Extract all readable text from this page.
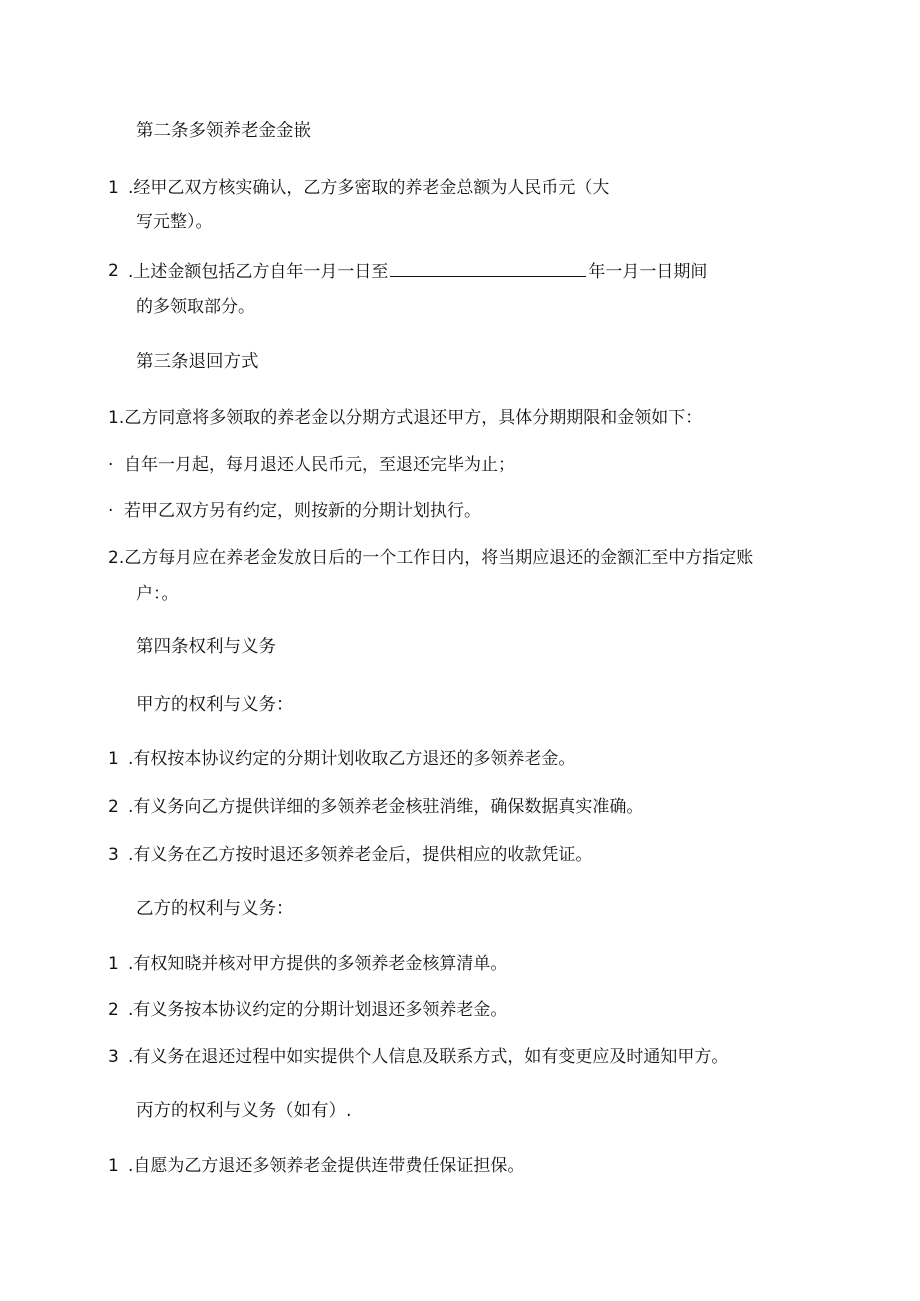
第二条多领养老金金嵌
1 .经甲乙双方核实确认，乙方多密取的养老金总额为人民币元（大
写元整）。
2 .上述金额包括乙方自年一月一日至	年一月一日期间
的多领取部分。
第三条退回方式
1.乙方同意将多领取的养老金以分期方式退还甲方，具体分期期限和金领如下：
· 自年一月起，每月退还人民币元，至退还完毕为止；
· 若甲乙双方另有约定，则按新的分期计划执行。
2.乙方每月应在养老金发放日后的一个工作日内，将当期应退还的金额汇至中方指定账
户：。
第四条权利与义务
甲方的权利与义务：
1 .有权按本协议约定的分期计划收取乙方退还的多领养老金。
2 .有义务向乙方提供详细的多领养老金核驻消维，确保数据真实准确。
3 .有义务在乙方按时退还多领养老金后，提供相应的收款凭证。
乙方的权利与义务：
1 .有权知晓并核对甲方提供的多领养老金核算清单。
2 .有义务按本协议约定的分期计划退还多领养老金。
3 .有义务在退还过程中如实提供个人信息及联系方式，如有变更应及时通知甲方。
丙方的权利与义务（如有）.
1 .自愿为乙方退还多领养老金提供连带费任保证担保。
